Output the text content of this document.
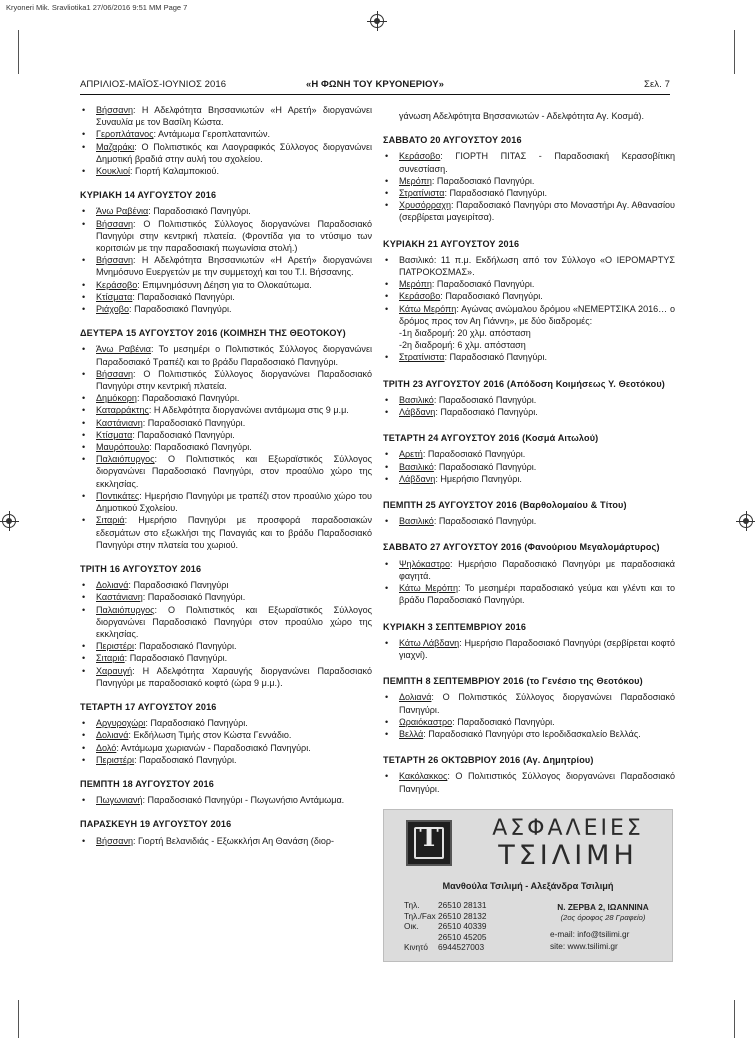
Kryoneri Mik. Sravliotika1 27/06/2016 9:51 MM Page 7
ΑΠΡΙΛΙΟΣ-ΜΑΪΟΣ-ΙΟΥΝΙΟΣ 2016	«Η ΦΩΝΗ ΤΟΥ ΚΡΥΟΝΕΡΙΟΥ»	Σελ. 7
• Βήσσανη: Η Αδελφότητα Βησσανιωτών «Η Αρετή» διοργανώνει Συναυλία με τον Βασίλη Κώστα.
• Γεροπλάτανος: Αντάμωμα Γεροπλατανιτών.
• Μαζαράκι: Ο Πολιτιστικός και Λαογραφικός Σύλλογος διοργανώνει Δημοτική βραδιά στην αυλή του σχολείου.
• Κουκλιοί: Γιορτή Καλαμποκιού.
ΚΥΡΙΑΚΗ 14 ΑΥΓΟΥΣΤΟΥ 2016
• Άνω Ραβένια: Παραδοσιακό Πανηγύρι.
• Βήσσανη: Ο Πολιτιστικός Σύλλογος διοργανώνει Παραδοσιακό Πανηγύρι στην κεντρική πλατεία. (Φροντίδα για το ντύσιμο των κοριτσιών με την παραδοσιακή πωγωνίσια στολή.)
• Βήσσανη: Η Αδελφότητα Βησσανιωτών «Η Αρετή» διοργανώνει Μνημόσυνο Ευεργετών με την συμμετοχή και του Τ.Ι. Βήσσανης.
• Κεράσοβο: Επιμνημόσυνη Δέηση για το Ολοκαύτωμα.
• Κτίσματα: Παραδοσιακό Πανηγύρι.
• Ριάχοβο: Παραδοσιακό Πανηγύρι.
ΔΕΥΤΕΡΑ 15 ΑΥΓΟΥΣΤΟΥ 2016 (ΚΟΙΜΗΣΗ ΤΗΣ ΘΕΟΤΟΚΟΥ)
• Άνω Ραβένια: Το μεσημέρι ο Πολιτιστικός Σύλλογος διοργανώνει Παραδοσιακό Τραπέζι και το βράδυ Παραδοσιακό Πανηγύρι.
• Βήσσανη: Ο Πολιτιστικός Σύλλογος διοργανώνει Παραδοσιακό Πανηγύρι στην κεντρική πλατεία.
• Δημόκορη: Παραδοσιακό Πανηγύρι.
• Καταρράκτης: Η Αδελφότητα διοργανώνει αντάμωμα στις 9 μ.μ.
• Καστάνιανη: Παραδοσιακό Πανηγύρι.
• Κτίσματα: Παραδοσιακό Πανηγύρι.
• Μαυρόπουλο: Παραδοσιακό Πανηγύρι.
• Παλαιόπυργος: Ο Πολιτιστικός και Εξωραϊστικός Σύλλογος διοργανώνει Παραδοσιακό Πανηγύρι, στον προαύλιο χώρο της εκκλησίας.
• Ποντικάτες: Ημερήσιο Πανηγύρι με τραπέζι στον προαύλιο χώρο του Δημοτικού Σχολείου.
• Σιταριά: Ημερήσιο Πανηγύρι με προσφορά παραδοσιακών εδεσμάτων στο εξωκλήσι της Παναγιάς και το βράδυ Παραδοσιακό Πανηγύρι στην πλατεία του χωριού.
ΤΡΙΤΗ 16 ΑΥΓΟΥΣΤΟΥ 2016
• Δολιανά: Παραδοσιακό Πανηγύρι
• Καστάνιανη: Παραδοσιακό Πανηγύρι.
• Παλαιόπυργος: Ο Πολιτιστικός και Εξωραϊστικός Σύλλογος διοργανώνει Παραδοσιακό Πανηγύρι στον προαύλιο χώρο της εκκλησίας.
• Περιστέρι: Παραδοσιακό Πανηγύρι.
• Σιταριά: Παραδοσιακό Πανηγύρι.
• Χαραυγή: Η Αδελφότητα Χαραυγής διοργανώνει Παραδοσιακό Πανηγύρι με παραδοσιακό κοφτό (ώρα 9 μ.μ.).
ΤΕΤΑΡΤΗ 17 ΑΥΓΟΥΣΤΟΥ 2016
• Αργυροχώρι: Παραδοσιακό Πανηγύρι.
• Δολιανά: Εκδήλωση Τιμής στον Κώστα Γεννάδιο.
• Δολό: Αντάμωμα χωριανών - Παραδοσιακό Πανηγύρι.
• Περιστέρι: Παραδοσιακό Πανηγύρι.
ΠΕΜΠΤΗ 18 ΑΥΓΟΥΣΤΟΥ 2016
• Πωγωνιανή: Παραδοσιακό Πανηγύρι - Πωγωνήσιο Αντάμωμα.
ΠΑΡΑΣΚΕΥΗ 19 ΑΥΓΟΥΣΤΟΥ 2016
• Βήσσανη: Γιορτή Βελανιδιάς - Εξωκκλήσι Αη Θανάση (διορ-
γάνωση Αδελφότητα Βησσανιωτών - Αδελφότητα Αγ. Κοσμά).
ΣΑΒΒΑΤΟ 20 ΑΥΓΟΥΣΤΟΥ 2016
• Κεράσοβο: ΓΙΟΡΤΗ ΠΙΤΑΣ - Παραδοσιακή Κερασοβίτικη συνεστίαση.
• Μερόπη: Παραδοσιακό Πανηγύρι.
• Στρατίνιστα: Παραδοσιακό Πανηγύρι.
• Χρυσόρραχη: Παραδοσιακό Πανηγύρι στο Μοναστήρι Αγ. Αθανασίου (σερβίρεται μαγειρίτσα).
ΚΥΡΙΑΚΗ 21 ΑΥΓΟΥΣΤΟΥ 2016
• Βασιλικό: 11 π.μ. Εκδήλωση από τον Σύλλογο «Ο ΙΕΡΟΜΑΡΤΥΣ ΠΑΤΡΟΚΟΣΜΑΣ».
• Μερόπη: Παραδοσιακό Πανηγύρι.
• Κεράσοβο: Παραδοσιακό Πανηγύρι.
• Κάτω Μερόπη: Αγώνας ανώμαλου δρόμου «ΝΕΜΕΡΤΣΙΚΑ 2016… ο δρόμος προς τον Αη Γιάννη», με δύο διαδρομές:
-1η διαδρομή: 20 χλμ. απόσταση
-2η διαδρομή: 6 χλμ. απόσταση
• Στρατίνιστα: Παραδοσιακό Πανηγύρι.
ΤΡΙΤΗ 23 ΑΥΓΟΥΣΤΟΥ 2016 (Απόδοση Κοιμήσεως Υ. Θεοτόκου)
• Βασιλικό: Παραδοσιακό Πανηγύρι.
• Λάβδανη: Παραδοσιακό Πανηγύρι.
ΤΕΤΑΡΤΗ 24 ΑΥΓΟΥΣΤΟΥ 2016 (Κοσμά Αιτωλού)
• Αρετή: Παραδοσιακό Πανηγύρι.
• Βασιλικό: Παραδοσιακό Πανηγύρι.
• Λάβδανη: Ημερήσιο Πανηγύρι.
ΠΕΜΠΤΗ 25 ΑΥΓΟΥΣΤΟΥ 2016 (Βαρθολομαίου & Τίτου)
• Βασιλικό: Παραδοσιακό Πανηγύρι.
ΣΑΒΒΑΤΟ 27 ΑΥΓΟΥΣΤΟΥ 2016 (Φανούριου Μεγαλομάρτυρος)
• Ψηλόκαστρο: Ημερήσιο Παραδοσιακό Πανηγύρι με παραδοσιακά φαγητά.
• Κάτω Μερόπη: Το μεσημέρι παραδοσιακό γεύμα και γλέντι και το βράδυ Παραδοσιακό Πανηγύρι.
ΚΥΡΙΑΚΗ 3 ΣΕΠΤΕΜΒΡΙΟΥ 2016
• Κάτω Λάβδανη: Ημερήσιο Παραδοσιακό Πανηγύρι (σερβίρεται κοφτό γιαχνί).
ΠΕΜΠΤΗ 8 ΣΕΠΤΕΜΒΡΙΟΥ 2016 (το Γενέσιο της Θεοτόκου)
• Δολιανά: Ο Πολιτιστικός Σύλλογος διοργανώνει Παραδοσιακό Πανηγύρι.
• Ωραιόκαστρο: Παραδοσιακό Πανηγύρι.
• Βελλά: Παραδοσιακό Πανηγύρι στο Ιεροδιδασκαλείο Βελλάς.
ΤΕΤΑΡΤΗ 26 ΟΚΤΩΒΡΙΟΥ 2016 (Αγ. Δημητρίου)
• Κακόλακκος: Ο Πολιτιστικός Σύλλογος διοργανώνει Παραδοσιακό Πανηγύρι.
Τ	ΑΣΦΑΛΕΙΕΣ
ΤΣΙΛΙΜΗ
Μανθούλα Τσιλιμή - Αλεξάνδρα Τσιλιμή
Τηλ. 26510 28131
Τηλ./Fax 26510 28132
Οικ. 26510 40339
26510 45205
Κινητό 6944527003
Ν. ΖΕΡΒΑ 2, ΙΩΑΝΝΙΝΑ
(2ος όροφος 28 Γραφείο)
e-mail: info@tsilimi.gr
site: www.tsilimi.gr
